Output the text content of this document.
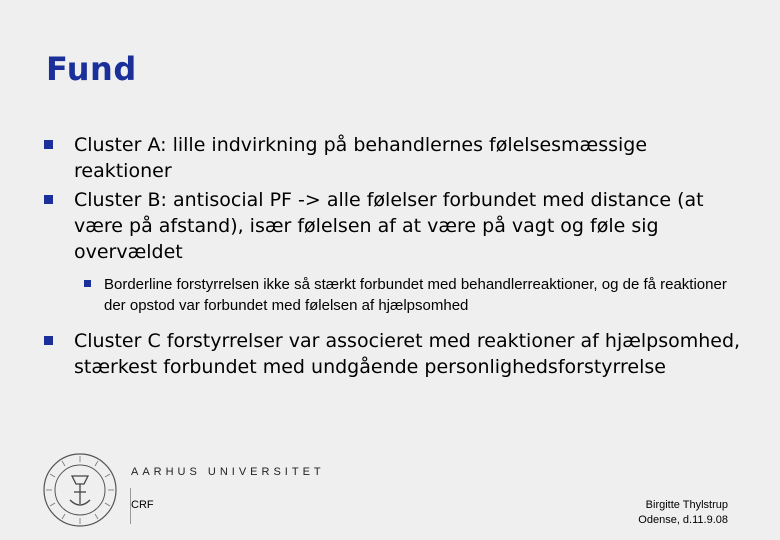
Fund
Cluster A: lille indvirkning på behandlernes følelsesmæssige reaktioner
Cluster B: antisocial PF -> alle følelser forbundet med distance (at være på afstand), især følelsen af at være på vagt og føle sig overvældet
Borderline forstyrrelsen ikke så stærkt forbundet med behandlerreaktioner, og de få reaktioner der opstod var forbundet med følelsen af hjælpsomhed
Cluster C forstyrrelser var associeret med reaktioner af hjælpsomhed, stærkest forbundet med undgående personlighedsforstyrrelse
AARHUS UNIVERSITET
CRF	Birgitte Thylstrup
Odense, d.11.9.08
